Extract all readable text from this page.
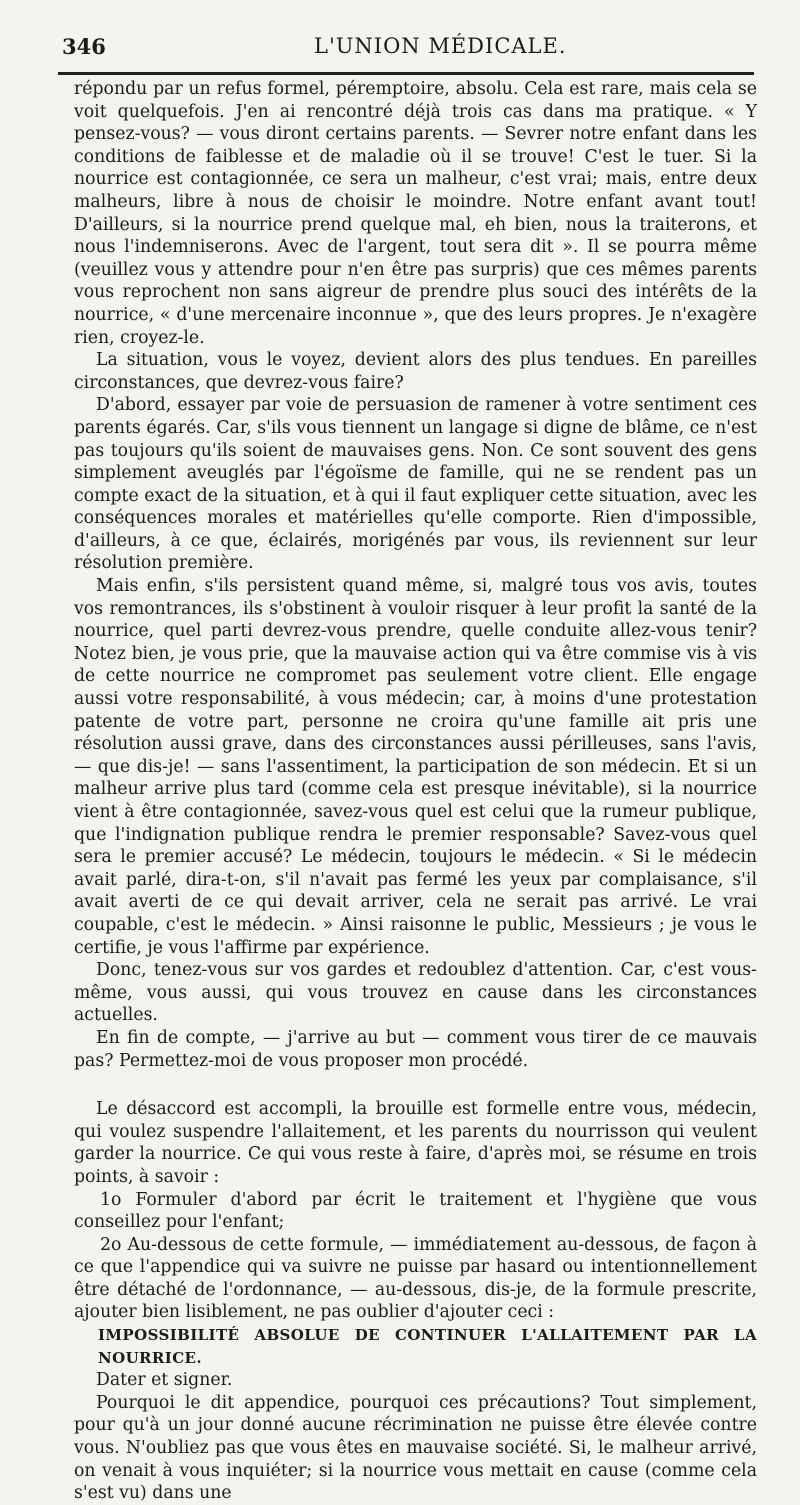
346	L'UNION MÉDICALE.

répondu par un refus formel, péremptoire, absolu. Cela est rare, mais cela se voit quelquefois. J'en ai rencontré déjà trois cas dans ma pratique. « Y pensez-vous? — vous diront certains parents. — Sevrer notre enfant dans les conditions de faiblesse et de maladie où il se trouve! C'est le tuer. Si la nourrice est contagionnée, ce sera un malheur, c'est vrai; mais, entre deux malheurs, libre à nous de choisir le moindre. Notre enfant avant tout! D'ailleurs, si la nourrice prend quelque mal, eh bien, nous la traiterons, et nous l'indemniserons. Avec de l'argent, tout sera dit ». Il se pourra même (veuillez vous y attendre pour n'en être pas surpris) que ces mêmes parents vous reprochent non sans aigreur de prendre plus souci des intérêts de la nourrice, « d'une mercenaire inconnue », que des leurs propres. Je n'exagère rien, croyez-le.

La situation, vous le voyez, devient alors des plus tendues. En pareilles circonstances, que devrez-vous faire?

D'abord, essayer par voie de persuasion de ramener à votre sentiment ces parents égarés. Car, s'ils vous tiennent un langage si digne de blâme, ce n'est pas toujours qu'ils soient de mauvaises gens. Non. Ce sont souvent des gens simplement aveuglés par l'égoïsme de famille, qui ne se rendent pas un compte exact de la situation, et à qui il faut expliquer cette situation, avec les conséquences morales et matérielles qu'elle comporte. Rien d'impossible, d'ailleurs, à ce que, éclairés, morigénés par vous, ils reviennent sur leur résolution première.

Mais enfin, s'ils persistent quand même, si, malgré tous vos avis, toutes vos remontrances, ils s'obstinent à vouloir risquer à leur profit la santé de la nourrice, quel parti devrez-vous prendre, quelle conduite allez-vous tenir? Notez bien, je vous prie, que la mauvaise action qui va être commise vis à vis de cette nourrice ne compromet pas seulement votre client. Elle engage aussi votre responsabilité, à vous médecin; car, à moins d'une protestation patente de votre part, personne ne croira qu'une famille ait pris une résolution aussi grave, dans des circonstances aussi périlleuses, sans l'avis, — que dis-je! — sans l'assentiment, la participation de son médecin. Et si un malheur arrive plus tard (comme cela est presque inévitable), si la nourrice vient à être contagionnée, savez-vous quel est celui que la rumeur publique, que l'indignation publique rendra le premier responsable? Savez-vous quel sera le premier accusé? Le médecin, toujours le médecin. « Si le médecin avait parlé, dira-t-on, s'il n'avait pas fermé les yeux par complaisance, s'il avait averti de ce qui devait arriver, cela ne serait pas arrivé. Le vrai coupable, c'est le médecin. » Ainsi raisonne le public, Messieurs ; je vous le certifie, je vous l'affirme par expérience.

Donc, tenez-vous sur vos gardes et redoublez d'attention. Car, c'est vous-même, vous aussi, qui vous trouvez en cause dans les circonstances actuelles.

En fin de compte, — j'arrive au but — comment vous tirer de ce mauvais pas? Permettez-moi de vous proposer mon procédé.

Le désaccord est accompli, la brouille est formelle entre vous, médecin, qui voulez suspendre l'allaitement, et les parents du nourrisson qui veulent garder la nourrice. Ce qui vous reste à faire, d'après moi, se résume en trois points, à savoir :

1o Formuler d'abord par écrit le traitement et l'hygiène que vous conseillez pour l'enfant;

2o Au-dessous de cette formule, — immédiatement au-dessous, de façon à ce que l'appendice qui va suivre ne puisse par hasard ou intentionnellement être détaché de l'ordonnance, — au-dessous, dis-je, de la formule prescrite, ajouter bien lisiblement, ne pas oublier d'ajouter ceci :

IMPOSSIBILITÉ ABSOLUE DE CONTINUER L'ALLAITEMENT PAR LA NOURRICE.

Dater et signer.

Pourquoi le dit appendice, pourquoi ces précautions? Tout simplement, pour qu'à un jour donné aucune récrimination ne puisse être élevée contre vous. N'oubliez pas que vous êtes en mauvaise société. Si, le malheur arrivé, on venait à vous inquiéter; si la nourrice vous mettait en cause (comme cela s'est vu) dans une
